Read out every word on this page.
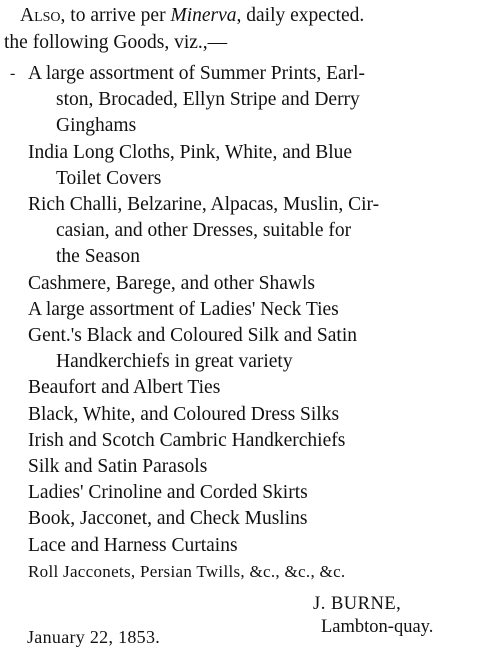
Also, to arrive per Minerva, daily expected.
the following Goods, viz.,—
- A large assortment of Summer Prints, Earl-
ston, Brocaded, Ellyn Stripe and Derry
Ginghams
India Long Cloths, Pink, White, and Blue
Toilet Covers
Rich Challi, Belzarine, Alpacas, Muslin, Cir-
casian, and other Dresses, suitable for
the Season
Cashmere, Barege, and other Shawls
A large assortment of Ladies' Neck Ties
Gent.'s Black and Coloured Silk and Satin
Handkerchiefs in great variety
Beaufort and Albert Ties
Black, White, and Coloured Dress Silks
Irish and Scotch Cambric Handkerchiefs
Silk and Satin Parasols
Ladies' Crinoline and Corded Skirts
Book, Jacconet, and Check Muslins
Lace and Harness Curtains
Roll Jacconets, Persian Twills, &c., &c., &c.
J. BURNE,
Lambton-quay.
January 22, 1853.
